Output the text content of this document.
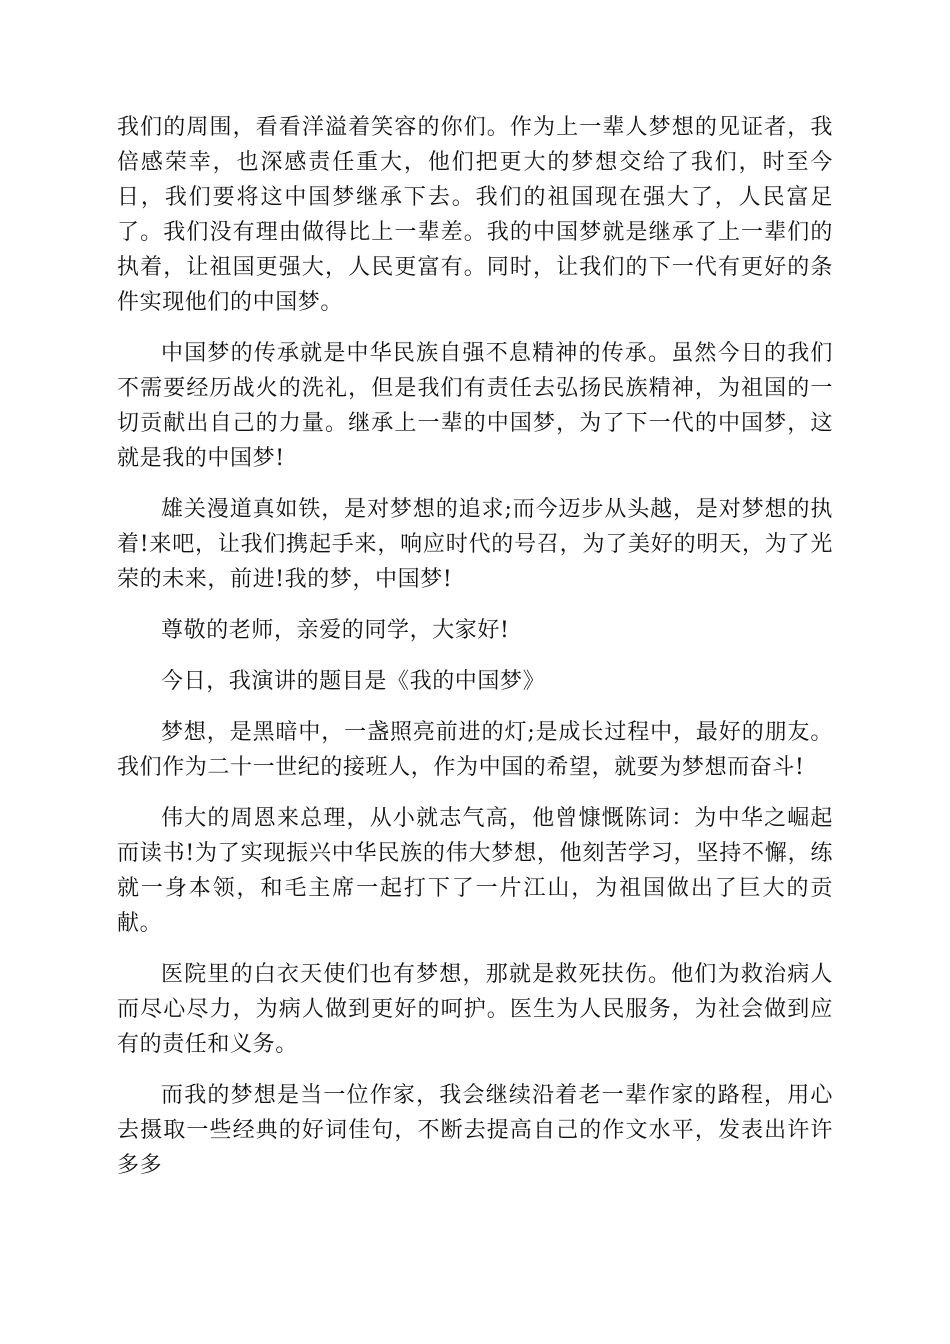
我们的周围，看看洋溢着笑容的你们。作为上一辈人梦想的见证者，我倍感荣幸，也深感责任重大，他们把更大的梦想交给了我们，时至今日，我们要将这中国梦继承下去。我们的祖国现在强大了，人民富足了。我们没有理由做得比上一辈差。我的中国梦就是继承了上一辈们的执着，让祖国更强大，人民更富有。同时，让我们的下一代有更好的条件实现他们的中国梦。

中国梦的传承就是中华民族自强不息精神的传承。虽然今日的我们不需要经历战火的洗礼，但是我们有责任去弘扬民族精神，为祖国的一切贡献出自己的力量。继承上一辈的中国梦，为了下一代的中国梦，这就是我的中国梦!

雄关漫道真如铁，是对梦想的追求;而今迈步从头越，是对梦想的执着!来吧，让我们携起手来，响应时代的号召，为了美好的明天，为了光荣的未来，前进!我的梦，中国梦!

尊敬的老师，亲爱的同学，大家好!

今日，我演讲的题目是《我的中国梦》

梦想，是黑暗中，一盏照亮前进的灯;是成长过程中，最好的朋友。我们作为二十一世纪的接班人，作为中国的希望，就要为梦想而奋斗!

伟大的周恩来总理，从小就志气高，他曾慷慨陈词：为中华之崛起而读书!为了实现振兴中华民族的伟大梦想，他刻苦学习，坚持不懈，练就一身本领，和毛主席一起打下了一片江山，为祖国做出了巨大的贡献。

医院里的白衣天使们也有梦想，那就是救死扶伤。他们为救治病人而尽心尽力，为病人做到更好的呵护。医生为人民服务，为社会做到应有的责任和义务。

而我的梦想是当一位作家，我会继续沿着老一辈作家的路程，用心去摄取一些经典的好词佳句，不断去提高自己的作文水平，发表出许许多多
